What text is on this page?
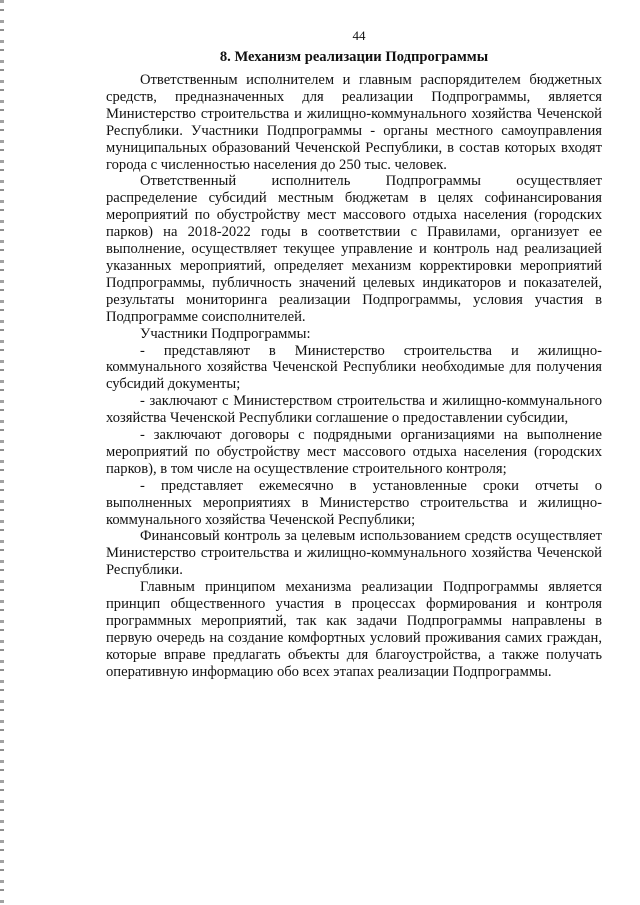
44
8. Механизм реализации Подпрограммы

Ответственным исполнителем и главным распорядителем бюджетных средств, предназначенных для реализации Подпрограммы, является Министерство строительства и жилищно-коммунального хозяйства Чеченской Республики. Участники Подпрограммы - органы местного самоуправления муниципальных образований Чеченской Республики, в состав которых входят города с численностью населения до 250 тыс. человек.

Ответственный исполнитель Подпрограммы осуществляет распределение субсидий местным бюджетам в целях софинансирования мероприятий по обустройству мест массового отдыха населения (городских парков) на 2018-2022 годы в соответствии с Правилами, организует ее выполнение, осуществляет текущее управление и контроль над реализацией указанных мероприятий, определяет механизм корректировки мероприятий Подпрограммы, публичность значений целевых индикаторов и показателей, результаты мониторинга реализации Подпрограммы, условия участия в Подпрограмме соисполнителей.

Участники Подпрограммы:

- представляют в Министерство строительства и жилищно-коммунального хозяйства Чеченской Республики необходимые для получения субсидий документы;

- заключают с Министерством строительства и жилищно-коммунального хозяйства Чеченской Республики соглашение о предоставлении субсидии,

- заключают договоры с подрядными организациями на выполнение мероприятий по обустройству мест массового отдыха населения (городских парков), в том числе на осуществление строительного контроля;

- представляет ежемесячно в установленные сроки отчеты о выполненных мероприятиях в Министерство строительства и жилищно-коммунального хозяйства Чеченской Республики;

Финансовый контроль за целевым использованием средств осуществляет Министерство строительства и жилищно-коммунального хозяйства Чеченской Республики.

Главным принципом механизма реализации Подпрограммы является принцип общественного участия в процессах формирования и контроля программных мероприятий, так как задачи Подпрограммы направлены в первую очередь на создание комфортных условий проживания самих граждан, которые вправе предлагать объекты для благоустройства, а также получать оперативную информацию обо всех этапах реализации Подпрограммы.
